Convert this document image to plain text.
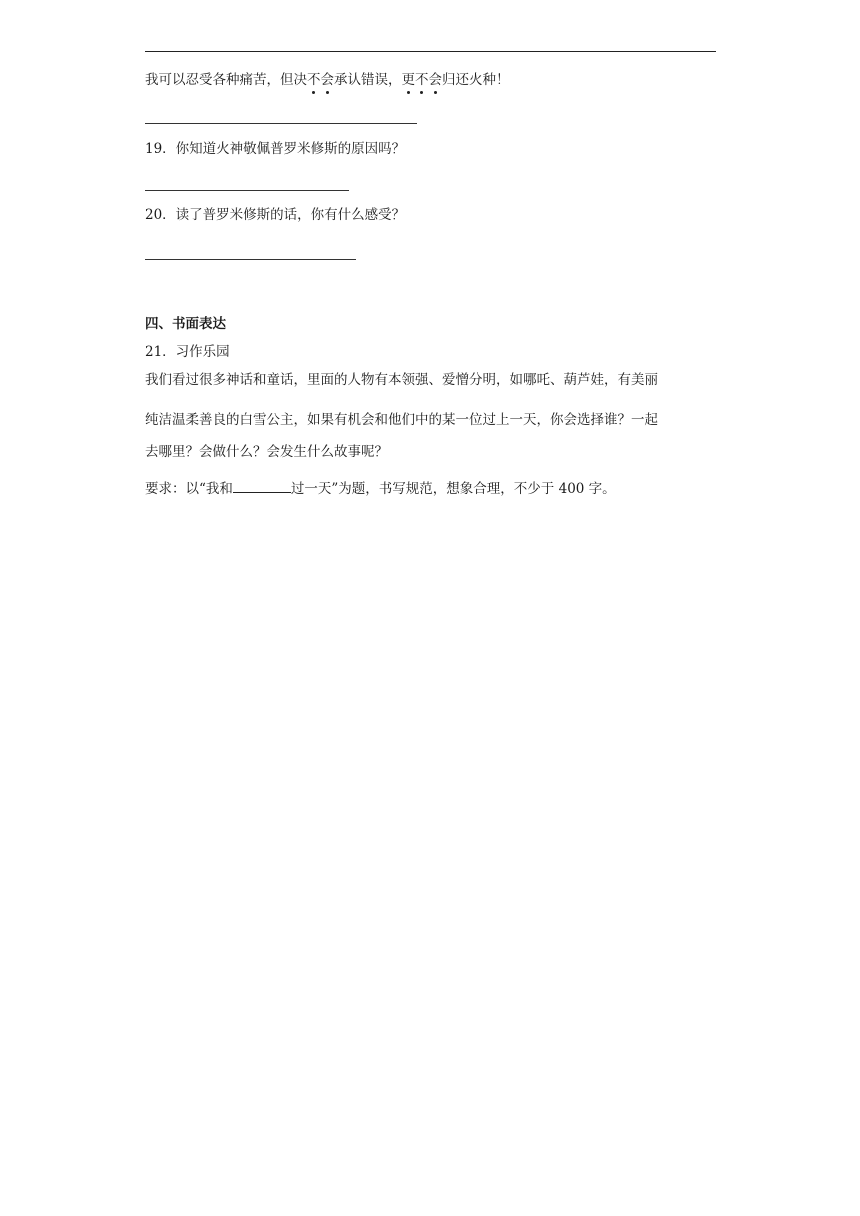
我可以忍受各种痛苦，但决不会承认错误，更不会归还火种！
19．你知道火神敬佩普罗米修斯的原因吗？
20．读了普罗米修斯的话，你有什么感受？
四、书面表达
21．习作乐园
我们看过很多神话和童话，里面的人物有本领强、爱憎分明，如哪吒、葫芦娃，有美丽
纯洁温柔善良的白雪公主，如果有机会和他们中的某一位过上一天，你会选择谁？一起
去哪里？会做什么？会发生什么故事呢？
要求：以“我和	过一天”为题，书写规范，想象合理，不少于 400 字。
